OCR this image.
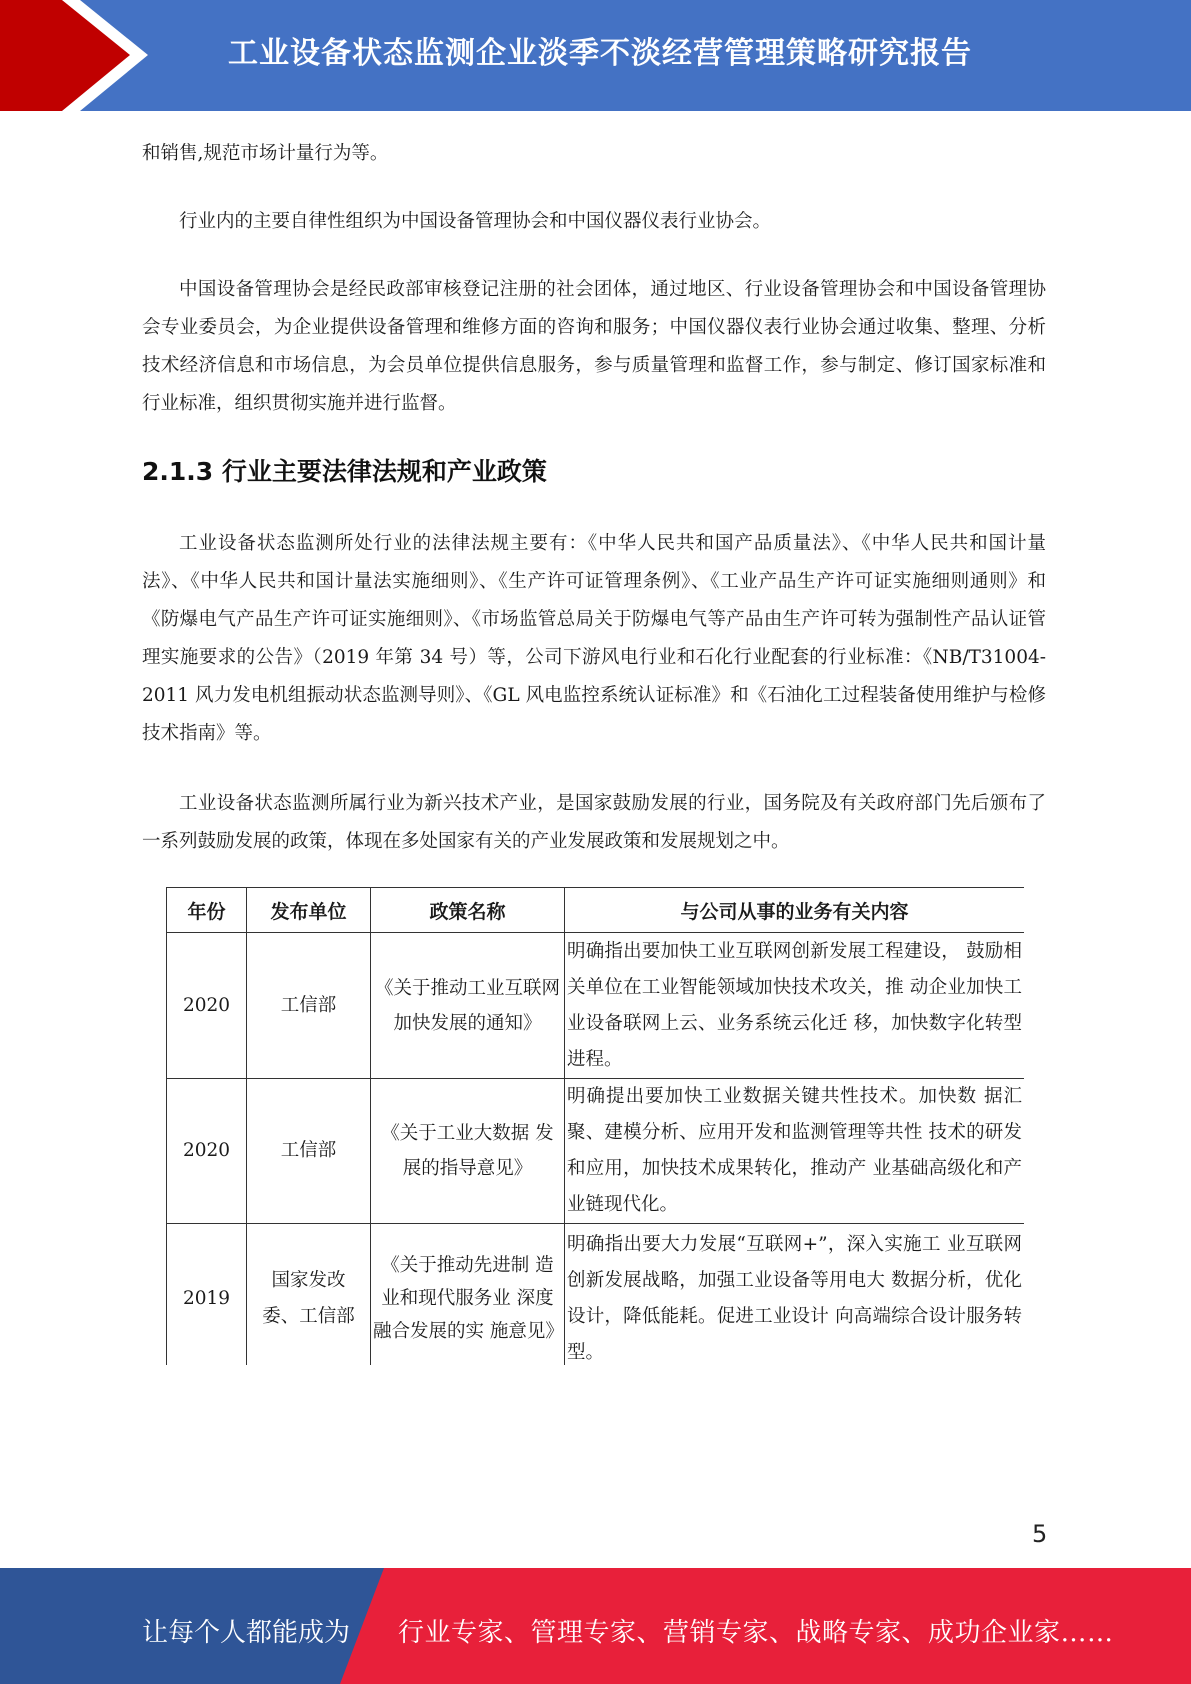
工业设备状态监测企业淡季不淡经营管理策略研究报告
和销售,规范市场计量行为等。
行业内的主要自律性组织为中国设备管理协会和中国仪器仪表行业协会。
中国设备管理协会是经民政部审核登记注册的社会团体，通过地区、行业设备管理协会和中国设备管理协会专业委员会，为企业提供设备管理和维修方面的咨询和服务；中国仪器仪表行业协会通过收集、整理、分析技术经济信息和市场信息，为会员单位提供信息服务，参与质量管理和监督工作，参与制定、修订国家标准和行业标准，组织贯彻实施并进行监督。
2.1.3 行业主要法律法规和产业政策
工业设备状态监测所处行业的法律法规主要有：《中华人民共和国产品质量法》、《中华人民共和国计量法》、《中华人民共和国计量法实施细则》、《生产许可证管理条例》、《工业产品生产许可证实施细则通则》和《防爆电气产品生产许可证实施细则》、《市场监管总局关于防爆电气等产品由生产许可转为强制性产品认证管理实施要求的公告》（2019 年第 34 号）等，公司下游风电行业和石化行业配套的行业标准：《NB/T31004-2011 风力发电机组振动状态监测导则》、《GL 风电监控系统认证标准》和《石油化工过程装备使用维护与检修技术指南》等。
工业设备状态监测所属行业为新兴技术产业，是国家鼓励发展的行业，国务院及有关政府部门先后颁布了一系列鼓励发展的政策，体现在多处国家有关的产业发展政策和发展规划之中。
年份	发布单位	政策名称	与公司从事的业务有关内容
2020	工信部	《关于推动工业互联网加快发展的通知》	明确指出要加快工业互联网创新发展工程建设， 鼓励相关单位在工业智能领域加快技术攻关，推 动企业加快工业设备联网上云、业务系统云化迁 移，加快数字化转型进程。
2020	工信部	《关于工业大数据 发展的指导意见》	明确提出要加快工业数据关键共性技术。加快数 据汇聚、建模分析、应用开发和监测管理等共性 技术的研发和应用，加快技术成果转化，推动产 业基础高级化和产业链现代化。
2019	国家发改委、工信部	《关于推动先进制 造业和现代服务业 深度融合发展的实 施意见》	明确指出要大力发展“互联网+”，深入实施工 业互联网创新发展战略，加强工业设备等用电大 数据分析，优化设计，降低能耗。促进工业设计 向高端综合设计服务转型。
5
让每个人都能成为 行业专家、管理专家、营销专家、战略专家、成功企业家……
